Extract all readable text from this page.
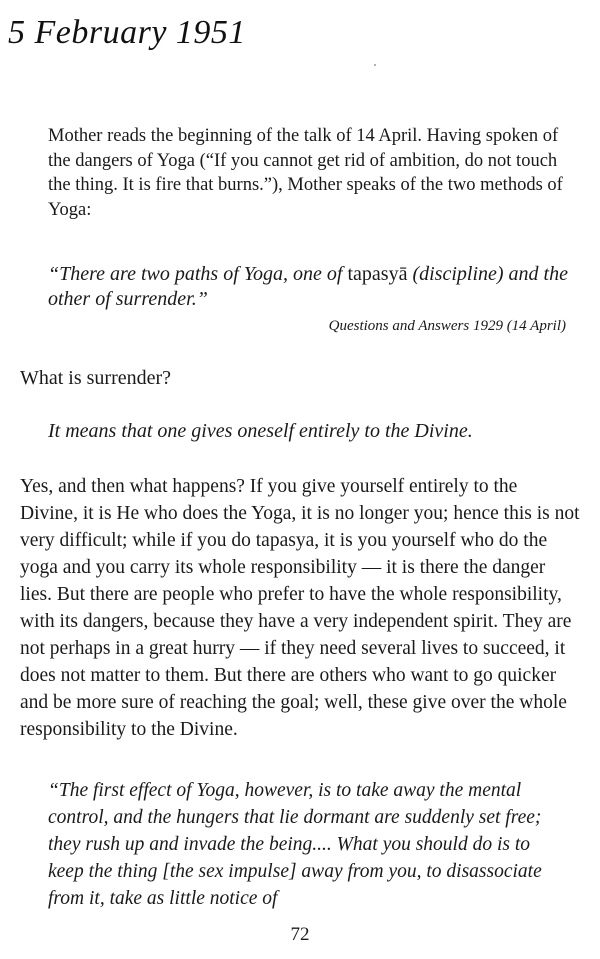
5 February 1951

Mother reads the beginning of the talk of 14 April. Having spoken of the dangers of Yoga (“If you cannot get rid of ambition, do not touch the thing. It is fire that burns.”), Mother speaks of the two methods of Yoga:

“There are two paths of Yoga, one of tapasyā (discipline) and the other of surrender.”

Questions and Answers 1929 (14 April)

What is surrender?

It means that one gives oneself entirely to the Divine.

Yes, and then what happens? If you give yourself entirely to the Divine, it is He who does the Yoga, it is no longer you; hence this is not very difficult; while if you do tapasya, it is you yourself who do the yoga and you carry its whole responsibility — it is there the danger lies. But there are people who prefer to have the whole responsibility, with its dangers, because they have a very independent spirit. They are not perhaps in a great hurry — if they need several lives to succeed, it does not matter to them. But there are others who want to go quicker and be more sure of reaching the goal; well, these give over the whole responsibility to the Divine.

“The first effect of Yoga, however, is to take away the mental control, and the hungers that lie dormant are suddenly set free; they rush up and invade the being.... What you should do is to keep the thing [the sex impulse] away from you, to disassociate from it, take as little notice of

72
